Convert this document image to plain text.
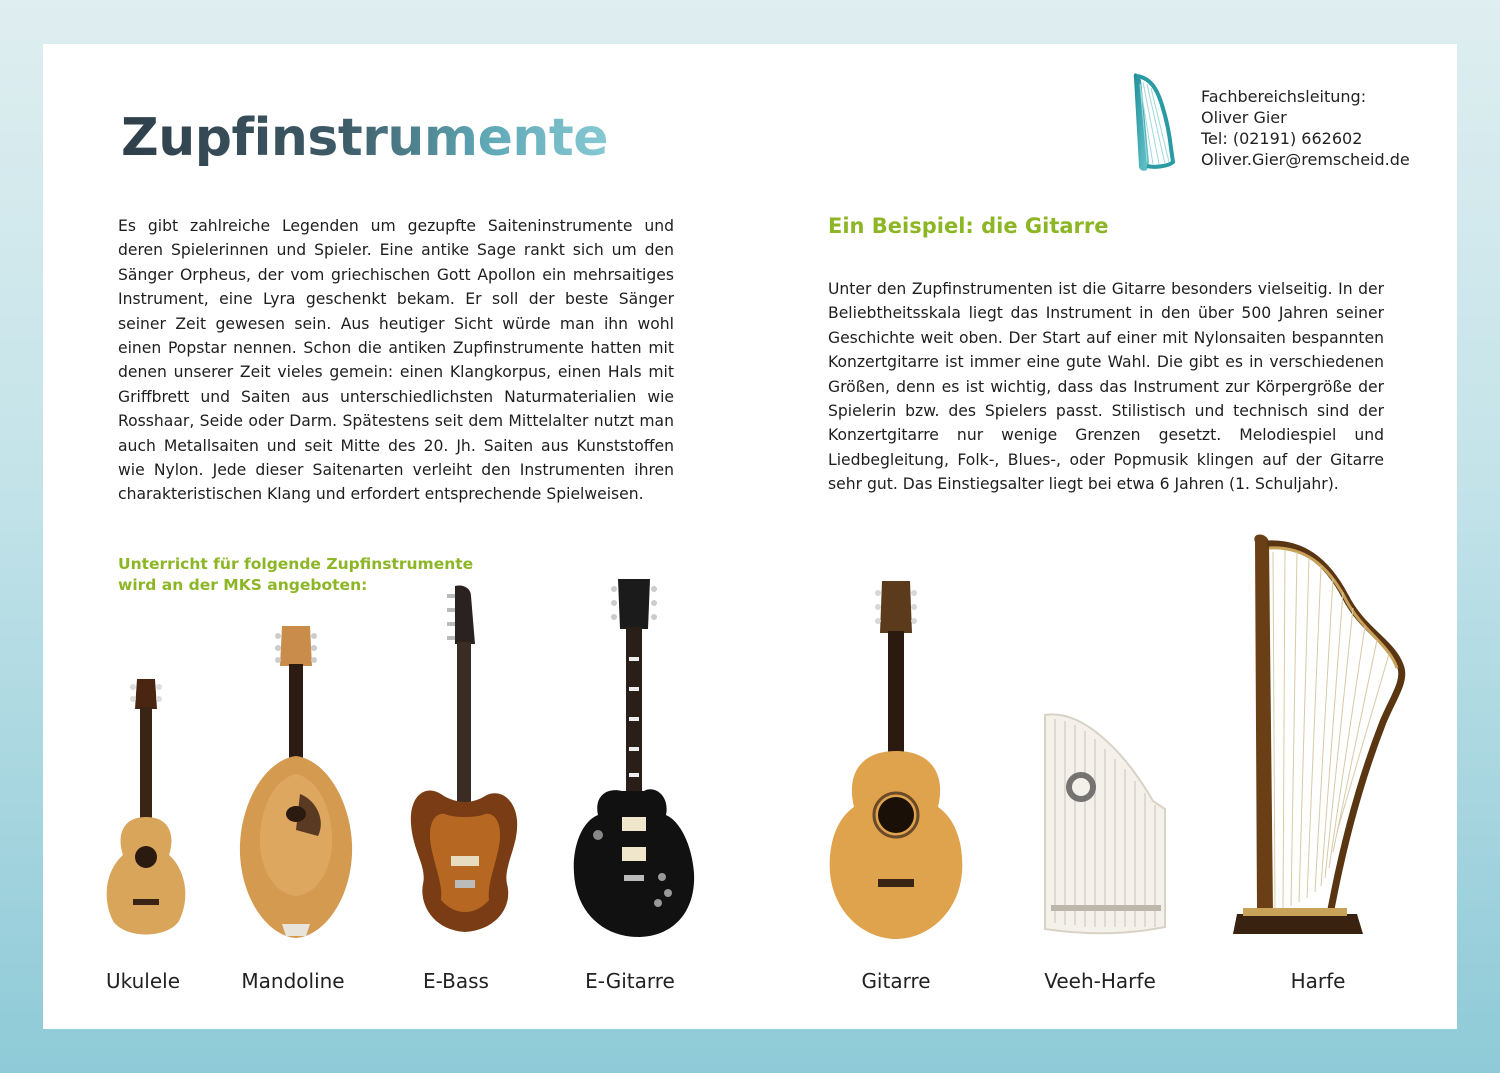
Zupfinstrumente
Fachbereichsleitung:
Oliver Gier
Tel: (02191) 662602
Oliver.Gier@remscheid.de

Es gibt zahlreiche Legenden um gezupfte Saiteninstrumente und deren Spielerinnen und Spieler. Eine antike Sage rankt sich um den Sänger Orpheus, der vom griechischen Gott Apollon ein mehrsaitiges Instrument, eine Lyra geschenkt bekam. Er soll der beste Sänger seiner Zeit gewesen sein. Aus heutiger Sicht würde man ihn wohl einen Popstar nennen. Schon die antiken Zupfinstrumente hatten mit denen unserer Zeit vieles gemein: einen Klangkorpus, einen Hals mit Griffbrett und Saiten aus unterschiedlichsten Naturmaterialien wie Rosshaar, Seide oder Darm. Spätestens seit dem Mittelalter nutzt man auch Metallsaiten und seit Mitte des 20. Jh. Saiten aus Kunststoffen wie Nylon. Jede dieser Saitenarten verleiht den Instrumenten ihren charakteristischen Klang und erfordert entsprechende Spielweisen.

Unterricht für folgende Zupfinstrumente
wird an der MKS angeboten:
Ein Beispiel: die Gitarre

Unter den Zupfinstrumenten ist die Gitarre besonders vielseitig. In der Beliebtheitsskala liegt das Instrument in den über 500 Jahren seiner Geschichte weit oben. Der Start auf einer mit Nylonsaiten bespannten Konzertgitarre ist immer eine gute Wahl. Die gibt es in verschiedenen Größen, denn es ist wichtig, dass das Instrument zur Körpergröße der Spielerin bzw. des Spielers passt. Stilistisch und technisch sind der Konzertgitarre nur wenige Grenzen gesetzt. Melodiespiel und Liedbegleitung, Folk-, Blues-, oder Popmusik klingen auf der Gitarre sehr gut. Das Einstiegsalter liegt bei etwa 6 Jahren (1. Schuljahr).

Ukulele	Mandoline	E-Bass	E-Gitarre	Gitarre	Veeh-Harfe	Harfe
